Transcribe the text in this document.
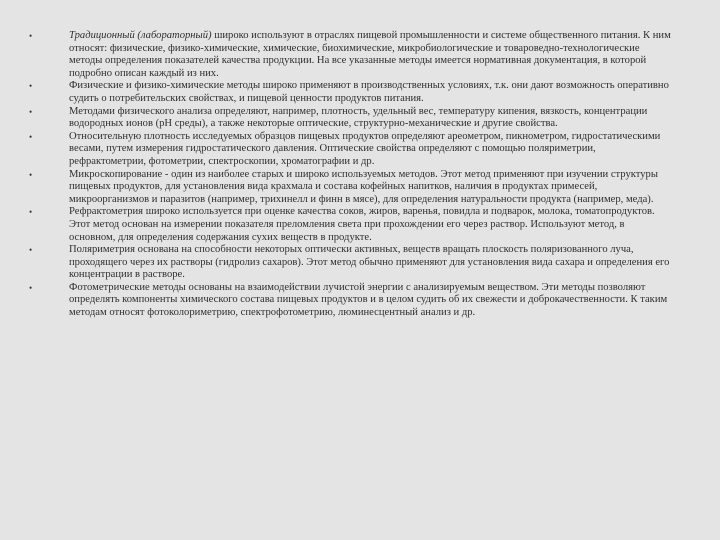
•	Традиционный (лабораторный) широко используют в отраслях пищевой промышленности и системе общественного питания. К ним относят: физические, физико-химические, химические, биохимические, микробиологические и товароведно-технологические методы определения показателей качества продукции. На все указанные методы имеется нормативная документация, в которой подробно описан каждый из них.
•	Физические и физико-химические методы широко применяют в производственных условиях, т.к. они дают возможность оперативно судить о потребительских свойствах, и пищевой ценности продуктов питания.
•	Методами физического анализа определяют, например, плотность, удельный вес, температуру кипения, вязкость, концентрации водородных ионов (рН среды), а также некоторые оптические, структурно-механические и другие свойства.
•	Относительную плотность исследуемых образцов пищевых продуктов определяют ареометром, пикнометром, гидростатическими весами, путем измерения гидростатического давления. Оптические свойства определяют с помощью поляриметрии, рефрактометрии, фотометрии, спектроскопии, хроматографии и др.
•	Микроскопирование - один из наиболее старых и широко используемых методов. Этот метод применяют при изучении структуры пищевых продуктов, для установления вида крахмала и состава кофейных напитков, наличия в продуктах примесей, микроорганизмов и паразитов (например, трихинелл и финн в мясе), для определения натуральности продукта (например, меда).
•	Рефрактометрия широко используется при оценке качества соков, жиров, варенья, повидла и подварок, молока, томатопродуктов. Этот метод основан на измерении показателя преломления света при прохождении его через раствор. Используют метод, в основном, для определения содержания сухих веществ в продукте.
•	Поляриметрия основана на способности некоторых оптически активных, веществ вращать плоскость поляризованного луча, проходящего через их растворы (гидролиз сахаров). Этот метод обычно применяют для установления вида сахара и определения его концентрации в растворе.
•	Фотометрические методы основаны на взаимодействии лучистой энергии с анализируемым веществом. Эти методы позволяют определять компоненты химического состава пищевых продуктов и в целом судить об их свежести и доброкачественности. К таким методам относят фотоколориметрию, спектрофотометрию, люминесцентный анализ и др.
